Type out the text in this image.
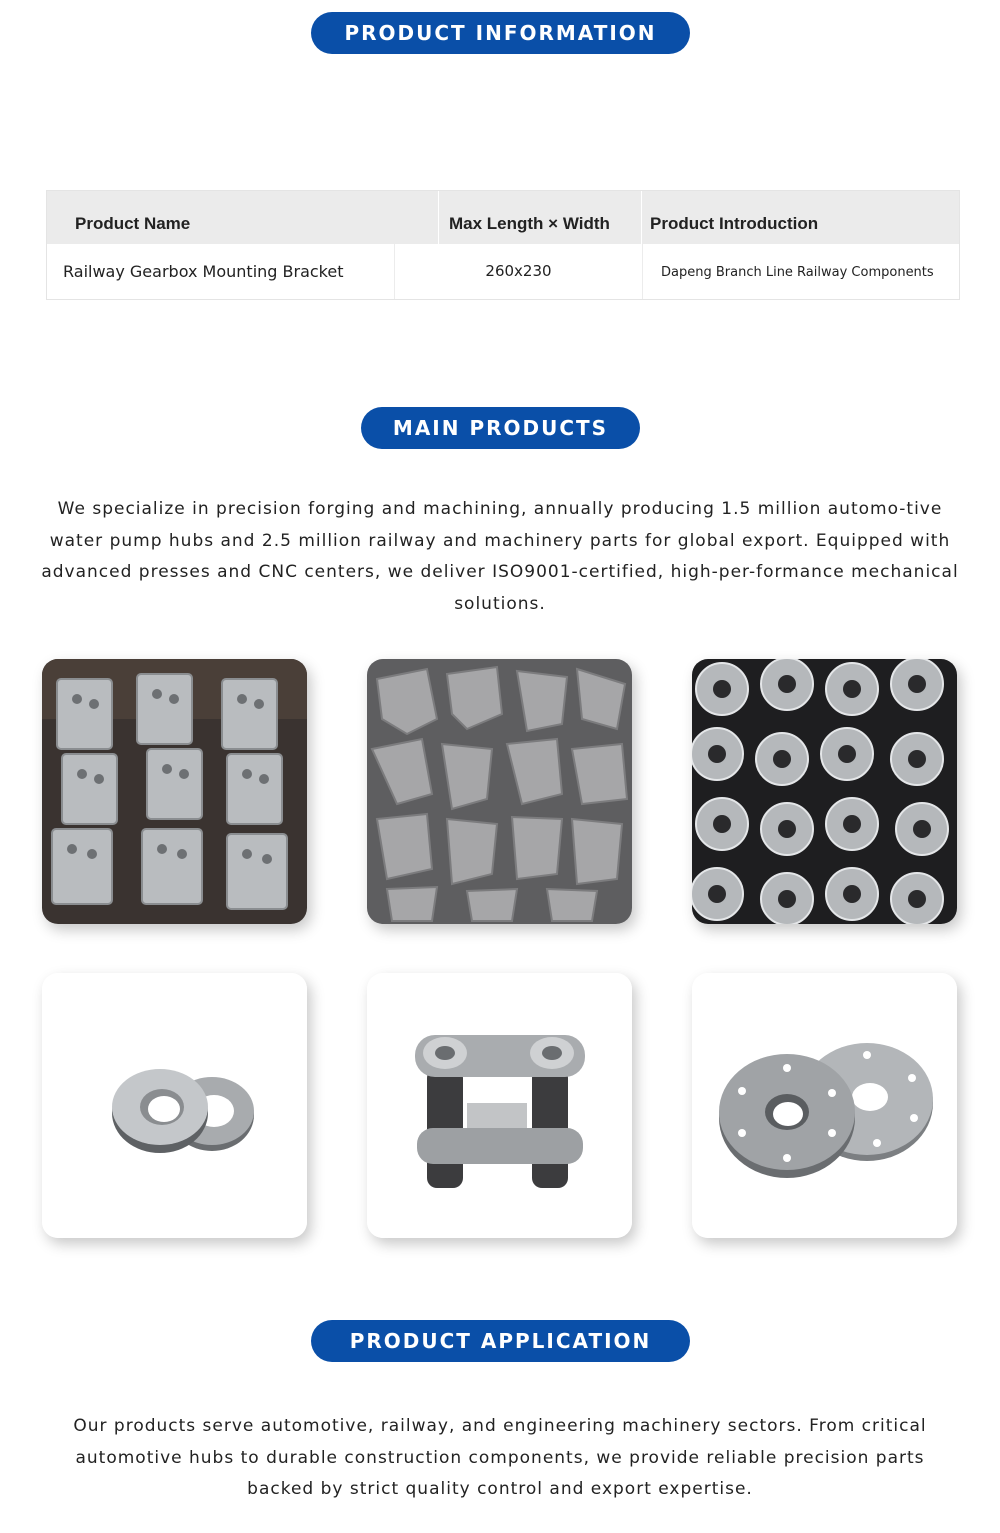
PRODUCT INFORMATION
Product Name	Max Length × Width	Product Introduction
Railway Gearbox Mounting Bracket	260x230	Dapeng Branch Line Railway Components
MAIN PRODUCTS
We specialize in precision forging and machining, annually producing 1.5 million automo-tive water pump hubs and 2.5 million railway and machinery parts for global export. Equipped with advanced presses and CNC centers, we deliver ISO9001-certified, high-per-formance mechanical solutions.
PRODUCT APPLICATION
Our products serve automotive, railway, and engineering machinery sectors. From critical automotive hubs to durable construction components, we provide reliable precision parts backed by strict quality control and export expertise.
